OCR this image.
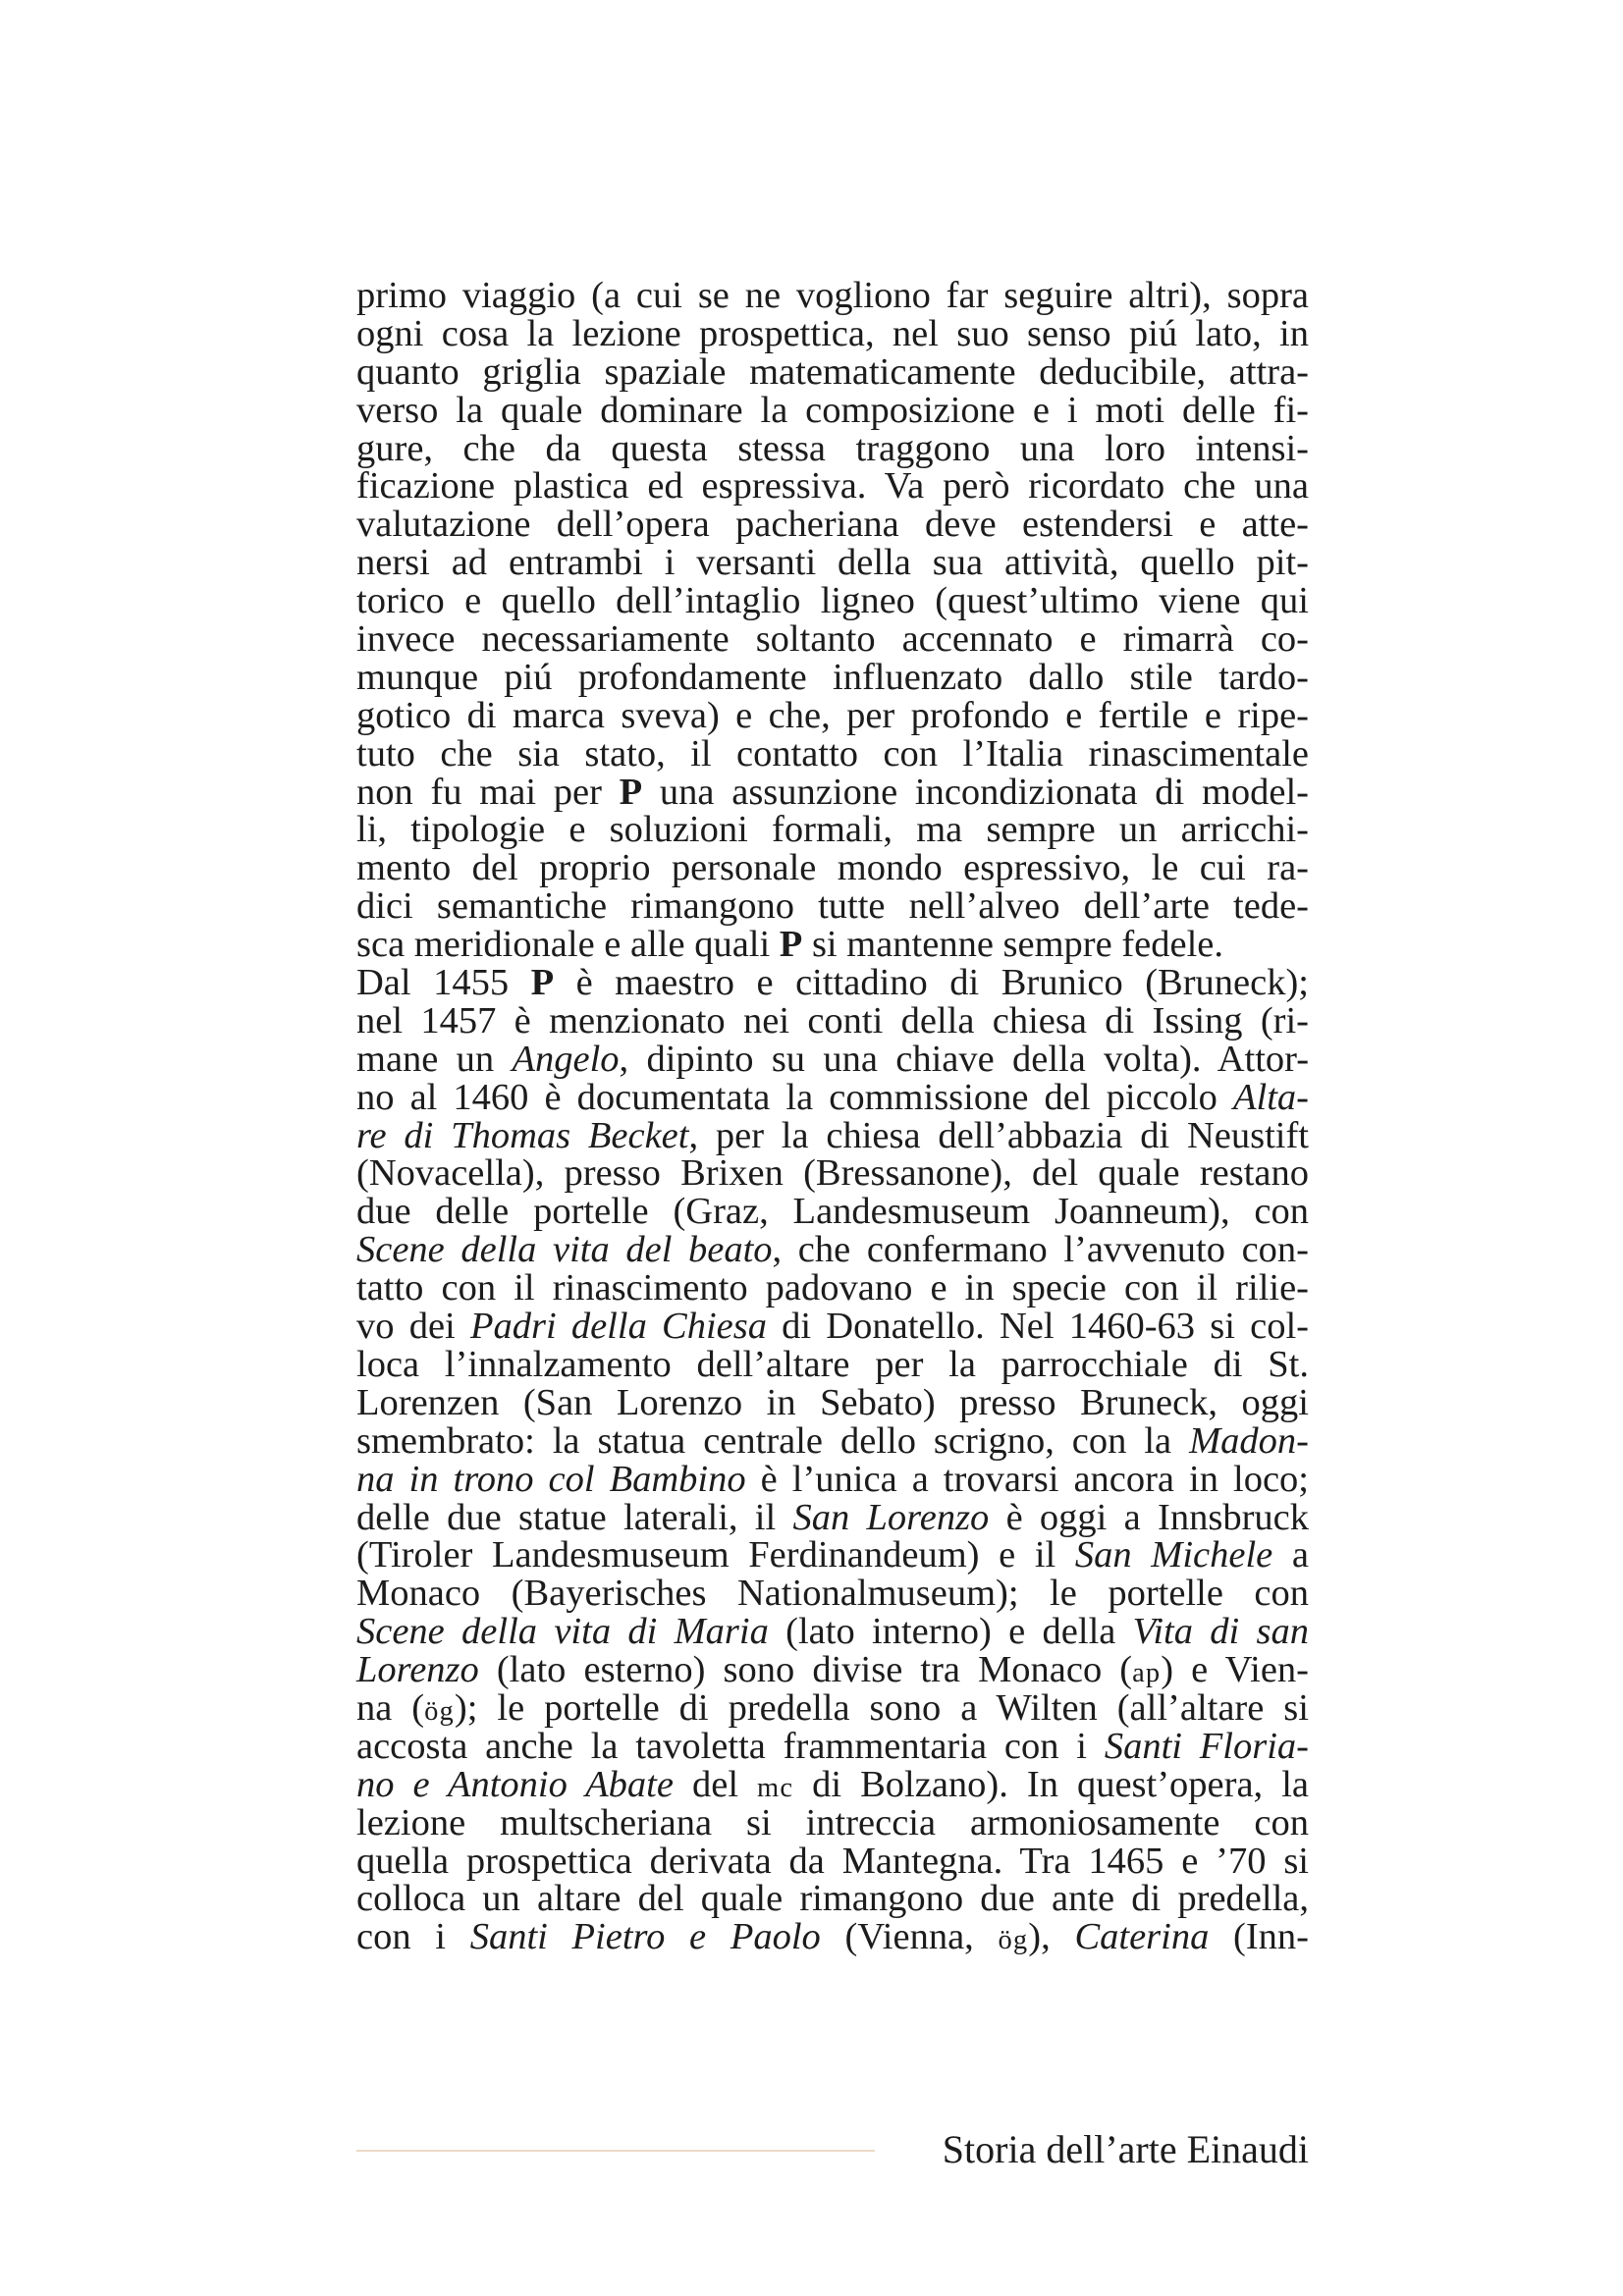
primo viaggio (a cui se ne vogliono far seguire altri), sopra
ogni cosa la lezione prospettica, nel suo senso piú lato, in
quanto griglia spaziale matematicamente deducibile, attra-
verso la quale dominare la composizione e i moti delle fi-
gure, che da questa stessa traggono una loro intensi-
ficazione plastica ed espressiva. Va però ricordato che una
valutazione dell’opera pacheriana deve estendersi e atte-
nersi ad entrambi i versanti della sua attività, quello pit-
torico e quello dell’intaglio ligneo (quest’ultimo viene qui
invece necessariamente soltanto accennato e rimarrà co-
munque piú profondamente influenzato dallo stile tardo-
gotico di marca sveva) e che, per profondo e fertile e ripe-
tuto che sia stato, il contatto con l’Italia rinascimentale
non fu mai per P una assunzione incondizionata di model-
li, tipologie e soluzioni formali, ma sempre un arricchi-
mento del proprio personale mondo espressivo, le cui ra-
dici semantiche rimangono tutte nell’alveo dell’arte tede-
sca meridionale e alle quali P si mantenne sempre fedele.
Dal 1455 P è maestro e cittadino di Brunico (Bruneck);
nel 1457 è menzionato nei conti della chiesa di Issing (ri-
mane un Angelo, dipinto su una chiave della volta). Attor-
no al 1460 è documentata la commissione del piccolo Alta-
re di Thomas Becket, per la chiesa dell’abbazia di Neustift
(Novacella), presso Brixen (Bressanone), del quale restano
due delle portelle (Graz, Landesmuseum Joanneum), con
Scene della vita del beato, che confermano l’avvenuto con-
tatto con il rinascimento padovano e in specie con il rilie-
vo dei Padri della Chiesa di Donatello. Nel 1460-63 si col-
loca l’innalzamento dell’altare per la parrocchiale di St.
Lorenzen (San Lorenzo in Sebato) presso Bruneck, oggi
smembrato: la statua centrale dello scrigno, con la Madon-
na in trono col Bambino è l’unica a trovarsi ancora in loco;
delle due statue laterali, il San Lorenzo è oggi a Innsbruck
(Tiroler Landesmuseum Ferdinandeum) e il San Michele a
Monaco (Bayerisches Nationalmuseum); le portelle con
Scene della vita di Maria (lato interno) e della Vita di san
Lorenzo (lato esterno) sono divise tra Monaco (ap) e Vien-
na (ög); le portelle di predella sono a Wilten (all’altare si
accosta anche la tavoletta frammentaria con i Santi Floria-
no e Antonio Abate del mc di Bolzano). In quest’opera, la
lezione multscheriana si intreccia armoniosamente con
quella prospettica derivata da Mantegna. Tra 1465 e ’70 si
colloca un altare del quale rimangono due ante di predella,
con i Santi Pietro e Paolo (Vienna, ög), Caterina (Inn-
Storia dell’arte Einaudi
